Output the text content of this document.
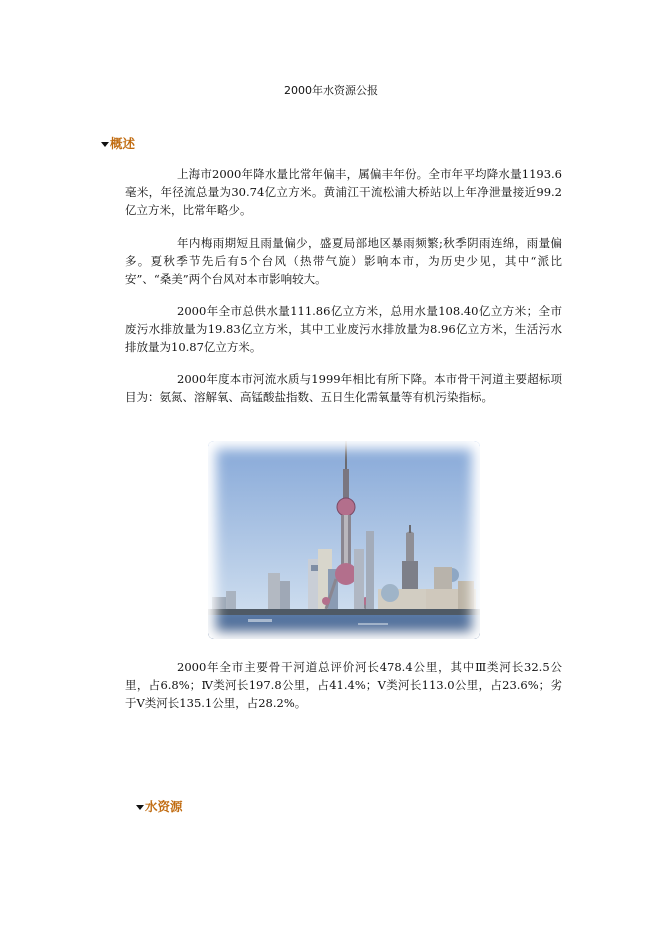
2000年水资源公报
概述

上海市2000年降水量比常年偏丰，属偏丰年份。全市年平均降水量1193.6毫米，年径流总量为30.74亿立方米。黄浦江干流松浦大桥站以上年净泄量接近99.2亿立方米，比常年略少。

年内梅雨期短且雨量偏少，盛夏局部地区暴雨频繁;秋季阴雨连绵，雨量偏多。夏秋季节先后有5个台风（热带气旋）影响本市，为历史少见，其中“派比安”、“桑美”两个台风对本市影响较大。

2000年全市总供水量111.86亿立方米，总用水量108.40亿立方米；全市废污水排放量为19.83亿立方米，其中工业废污水排放量为8.96亿立方米，生活污水排放量为10.87亿立方米。

2000年度本市河流水质与1999年相比有所下降。本市骨干河道主要超标项目为：氨氮、溶解氧、高锰酸盐指数、五日生化需氧量等有机污染指标。

2000年全市主要骨干河道总评价河长478.4公里，其中Ⅲ类河长32.5公里，占6.8%；Ⅳ类河长197.8公里，占41.4%；Ⅴ类河长113.0公里，占23.6%；劣于Ⅴ类河长135.1公里，占28.2%。

水资源
